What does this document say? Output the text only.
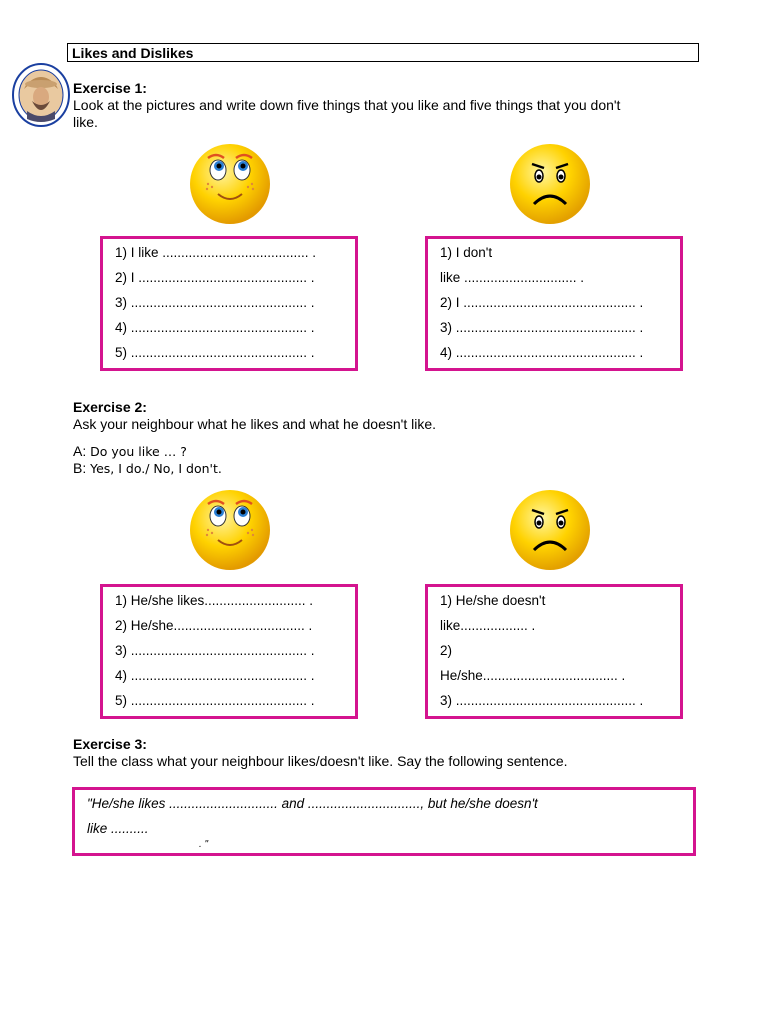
Likes and Dislikes
Exercise 1:
Look at the pictures and write down five things that you like and five things that you don't
like.
1) I like ....................................... .
2) I ............................................. .
3) ............................................... .
4) ............................................... .
5) ............................................... .
1) I don't
like .............................. .
2) I .............................................. .
3) ................................................ .
4) ................................................ .
Exercise 2:
Ask your neighbour what he likes and what he doesn't like.
A: Do you like … ?
B: Yes, I do./ No, I don't.
1) He/she likes........................... .
2) He/she................................... .
3) ............................................... .
4) ............................................... .
5) ............................................... .
1) He/she doesn't
like.................. .
2)
He/she.................................... .
3) ................................................ .
Exercise 3:
Tell the class what your neighbour likes/doesn't like. Say the following sentence.
"He/she likes ............................. and .............................., but he/she doesn't
like ..........
. "
